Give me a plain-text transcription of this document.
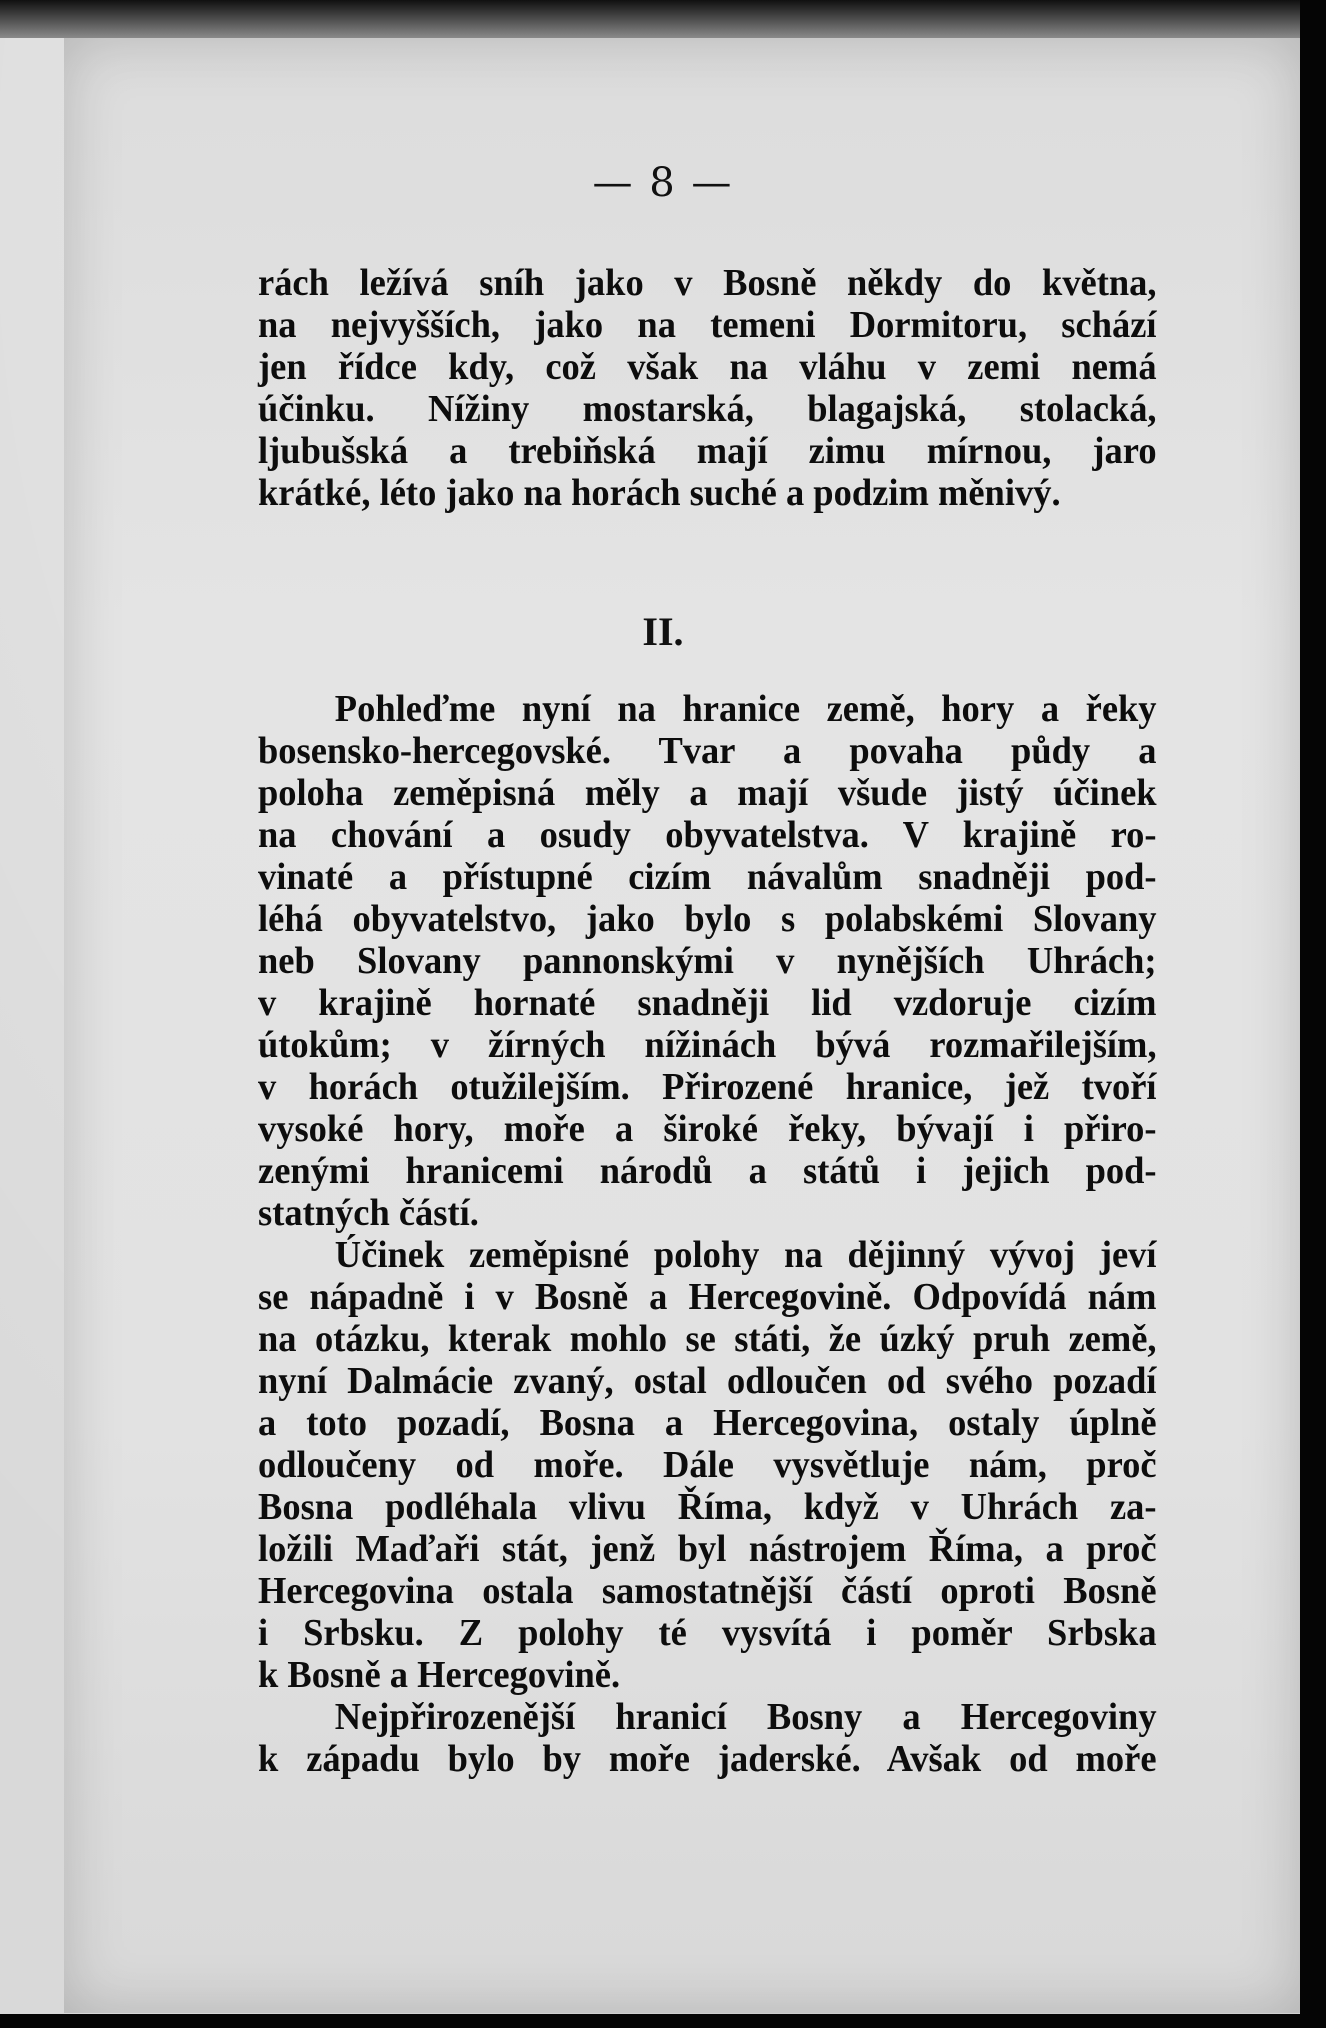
— 8 —
rách ležívá sníh jako v Bosně někdy do května,
na nejvyšších, jako na temeni Dormitoru, schází
jen řídce kdy, což však na vláhu v zemi nemá
účinku. Nížiny mostarská, blagajská, stolacká,
ljubušská a trebiňská mají zimu mírnou, jaro
krátké, léto jako na horách suché a podzim měnivý.
II.
Pohleďme nyní na hranice země, hory a řeky
bosensko-hercegovské. Tvar a povaha půdy a
poloha zeměpisná měly a mají všude jistý účinek
na chování a osudy obyvatelstva. V krajině ro-
vinaté a přístupné cizím návalům snadněji pod-
léhá obyvatelstvo, jako bylo s polabskémi Slovany
neb Slovany pannonskými v nynějších Uhrách;
v krajině hornaté snadněji lid vzdoruje cizím
útokům; v žírných nížinách bývá rozmařilejším,
v horách otužilejším. Přirozené hranice, jež tvoří
vysoké hory, moře a široké řeky, bývají i přiro-
zenými hranicemi národů a států i jejich pod-
statných částí.
Účinek zeměpisné polohy na dějinný vývoj jeví
se nápadně i v Bosně a Hercegovině. Odpovídá nám
na otázku, kterak mohlo se státi, že úzký pruh země,
nyní Dalmácie zvaný, ostal odloučen od svého pozadí
a toto pozadí, Bosna a Hercegovina, ostaly úplně
odloučeny od moře. Dále vysvětluje nám, proč
Bosna podléhala vlivu Říma, když v Uhrách za-
ložili Maďaři stát, jenž byl nástrojem Říma, a proč
Hercegovina ostala samostatnější částí oproti Bosně
i Srbsku. Z polohy té vysvítá i poměr Srbska
k Bosně a Hercegovině.
Nejpřirozenější hranicí Bosny a Hercegoviny
k západu bylo by moře jaderské. Avšak od moře
